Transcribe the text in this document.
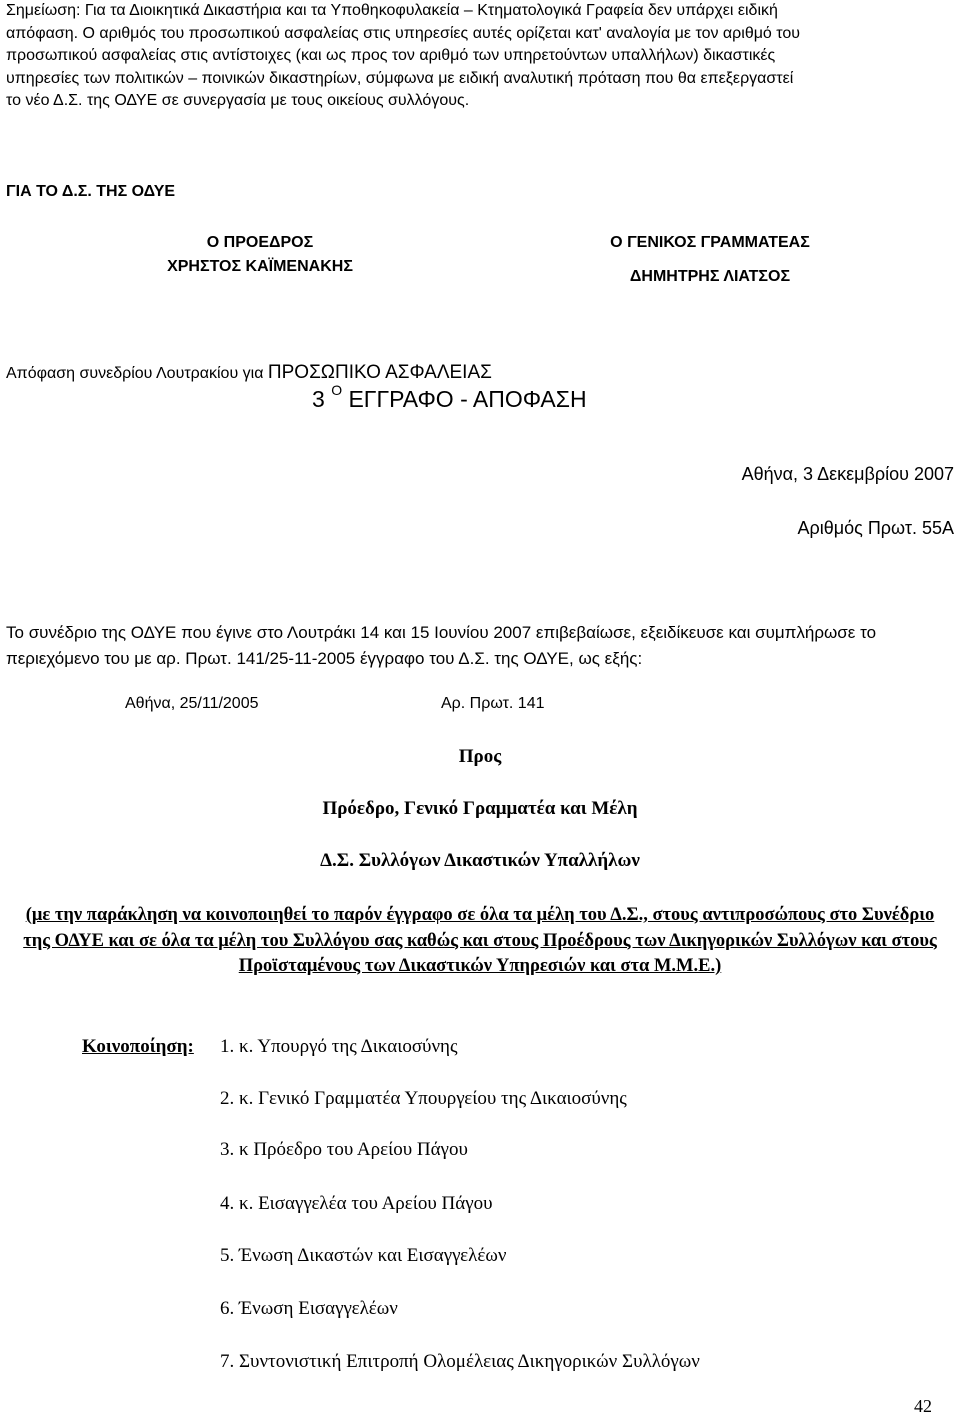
Σημείωση: Για τα Διοικητικά Δικαστήρια και τα Υποθηκοφυλακεία – Κτηματολογικά Γραφεία δεν υπάρχει ειδική
απόφαση. Ο αριθμός του προσωπικού ασφαλείας στις υπηρεσίες αυτές ορίζεται κατ' αναλογία με τον αριθμό του
προσωπικού ασφαλείας στις αντίστοιχες (και ως προς τον αριθμό των υπηρετούντων υπαλλήλων) δικαστικές
υπηρεσίες των πολιτικών – ποινικών δικαστηρίων, σύμφωνα με ειδική αναλυτική πρόταση που θα επεξεργαστεί
το νέο Δ.Σ. της ΟΔΥΕ σε συνεργασία με τους οικείους συλλόγους.
ΓΙΑ ΤΟ Δ.Σ. ΤΗΣ ΟΔΥΕ
Ο ΠΡΟΕΔΡΟΣ
ΧΡΗΣΤΟΣ ΚΑΪΜΕΝΑΚΗΣ
Ο ΓΕΝΙΚΟΣ ΓΡΑΜΜΑΤΕΑΣ
ΔΗΜΗΤΡΗΣ ΛΙΑΤΣΟΣ
Απόφαση συνεδρίου Λουτρακίου για ΠΡΟΣΩΠΙΚΟ ΑΣΦΑΛΕΙΑΣ
3 $^O$ ΕΓΓΡΑΦΟ - ΑΠΟΦΑΣΗ
Αθήνα, 3 Δεκεμβρίου 2007
Αριθμός Πρωτ. 55Α
Το συνέδριο της ΟΔΥΕ που έγινε στο Λουτράκι 14 και 15 Ιουνίου 2007 επιβεβαίωσε, εξειδίκευσε και συμπλήρωσε το περιεχόμενο του με αρ. Πρωτ. 141/25-11-2005 έγγραφο του Δ.Σ. της ΟΔΥΕ, ως εξής:
Αθήνα, 25/11/2005	Αρ. Πρωτ. 141
Προς
Πρόεδρο, Γενικό Γραμματέα και Μέλη
Δ.Σ. Συλλόγων Δικαστικών Υπαλλήλων
(με την παράκληση να κοινοποιηθεί το παρόν έγγραφο σε όλα τα μέλη του Δ.Σ., στους αντιπροσώπους στο Συνέδριο της ΟΔΥΕ και σε όλα τα μέλη του Συλλόγου σας καθώς και στους Προέδρους των Δικηγορικών Συλλόγων και στους Προϊσταμένους των Δικαστικών Υπηρεσιών και στα Μ.Μ.Ε.)
Κοινοποίηση: 1. κ. Υπουργό της Δικαιοσύνης
2. κ. Γενικό Γραμματέα Υπουργείου της Δικαιοσύνης
3. κ Πρόεδρο του Αρείου Πάγου
4. κ. Εισαγγελέα του Αρείου Πάγου
5. Ένωση Δικαστών και Εισαγγελέων
6. Ένωση Εισαγγελέων
7. Συντονιστική Επιτροπή Ολομέλειας Δικηγορικών Συλλόγων
42
